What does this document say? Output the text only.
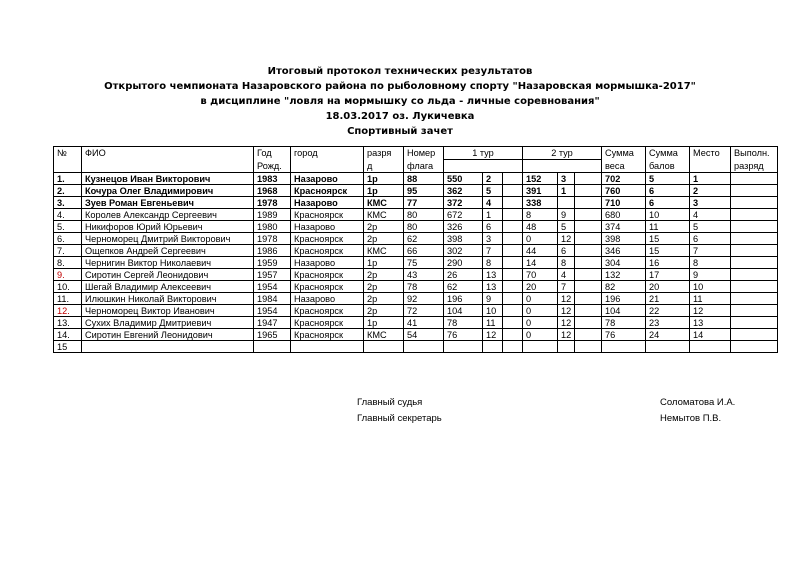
Итоговый протокол технических результатов
Открытого чемпионата Назаровского района по рыболовному спорту "Назаровская мормышка-2017"
в дисциплине "ловля на мормышку со льда - личные соревнования"
18.03.2017 оз. Лукичевка
Спортивный зачет
№	ФИО	Год	город	разря	Номер	1 тур			2 тур			Сумма	Сумма	Место	Выполн.
		Рожд.		д	флага							веса	балов		разряд
1.	Кузнецов Иван Викторович	1983	Назарово	1р	88	550	2		152	3		702	5	1	
2.	Кочура Олег Владимирович	1968	Красноярск	1р	95	362	5		391	1		760	6	2	
3.	Зуев Роман Евгеньевич	1978	Назарово	КМС	77	372	4		338			710	6	3	
4.	Королев Александр Сергеевич	1989	Красноярск	КМС	80	672	1		8	9		680	10	4	
5.	Никифоров Юрий Юрьевич	1980	Назарово	2р	80	326	6		48	5		374	11	5	
6.	Черноморец Дмитрий Викторович	1978	Красноярск	2р	62	398	3		0	12		398	15	6	
7.	Ощепков Андрей Сергеевич	1986	Красноярск	КМС	66	302	7		44	6		346	15	7	
8.	Чернигин Виктор Николаевич	1959	Назарово	1р	75	290	8		14	8		304	16	8	
9.	Сиротин Сергей Леонидович	1957	Красноярск	2р	43	26	13		70	4		132	17	9	
10.	Шегай Владимир Алексеевич	1954	Красноярск	2р	78	62	13		20	7		82	20	10	
11.	Илюшкин Николай Викторович	1984	Назарово	2р	92	196	9		0	12		196	21	11	
12.	Черноморец Виктор Иванович	1954	Красноярск	2р	72	104	10		0	12		104	22	12	
13.	Сухих Владимир Дмитриевич	1947	Красноярск	1р	41	78	11		0	12		78	23	13	
14.	Сиротин Евгений Леонидович	1965	Красноярск	КМС	54	76	12		0	12		76	24	14	
15															
Главный судья	Соломатова И.А.
Главный секретарь	Немытов П.В.
